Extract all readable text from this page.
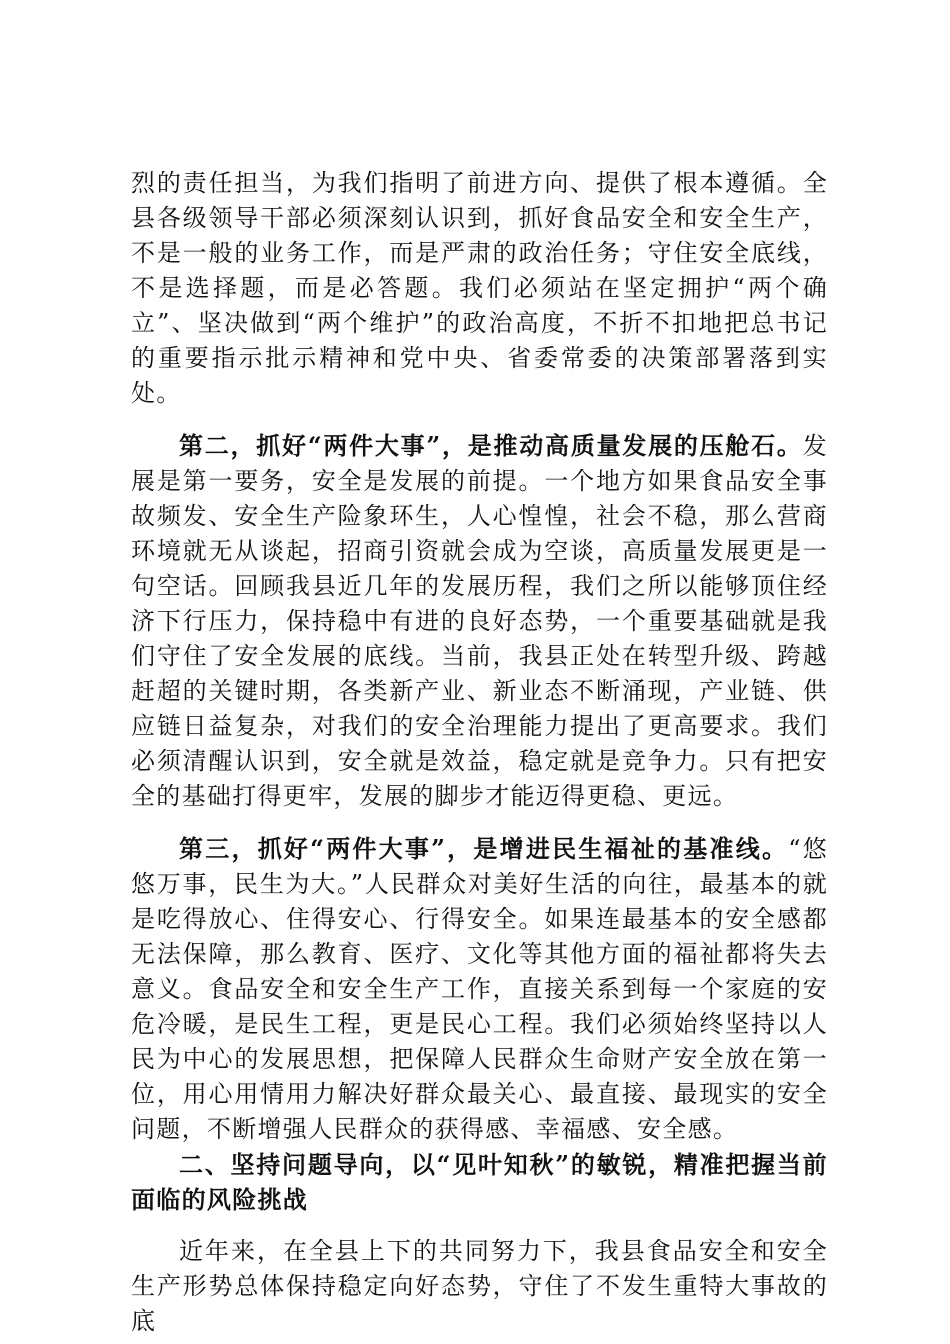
烈的责任担当，为我们指明了前进方向、提供了根本遵循。全县各级领导干部必须深刻认识到，抓好食品安全和安全生产，不是一般的业务工作，而是严肃的政治任务；守住安全底线，不是选择题，而是必答题。我们必须站在坚定拥护“两个确立”、坚决做到“两个维护”的政治高度，不折不扣地把总书记的重要指示批示精神和党中央、省委常委的决策部署落到实处。

第二，抓好“两件大事”，是推动高质量发展的压舱石。发展是第一要务，安全是发展的前提。一个地方如果食品安全事故频发、安全生产险象环生，人心惶惶，社会不稳，那么营商环境就无从谈起，招商引资就会成为空谈，高质量发展更是一句空话。回顾我县近几年的发展历程，我们之所以能够顶住经济下行压力，保持稳中有进的良好态势，一个重要基础就是我们守住了安全发展的底线。当前，我县正处在转型升级、跨越赶超的关键时期，各类新产业、新业态不断涌现，产业链、供应链日益复杂，对我们的安全治理能力提出了更高要求。我们必须清醒认识到，安全就是效益，稳定就是竞争力。只有把安全的基础打得更牢，发展的脚步才能迈得更稳、更远。

第三，抓好“两件大事”，是增进民生福祉的基准线。“悠悠万事，民生为大。”人民群众对美好生活的向往，最基本的就是吃得放心、住得安心、行得安全。如果连最基本的安全感都无法保障，那么教育、医疗、文化等其他方面的福祉都将失去意义。食品安全和安全生产工作，直接关系到每一个家庭的安危冷暖，是民生工程，更是民心工程。我们必须始终坚持以人民为中心的发展思想，把保障人民群众生命财产安全放在第一位，用心用情用力解决好群众最关心、最直接、最现实的安全问题，不断增强人民群众的获得感、幸福感、安全感。

二、坚持问题导向，以“见叶知秋”的敏锐，精准把握当前面临的风险挑战

近年来，在全县上下的共同努力下，我县食品安全和安全生产形势总体保持稳定向好态势，守住了不发生重特大事故的底
